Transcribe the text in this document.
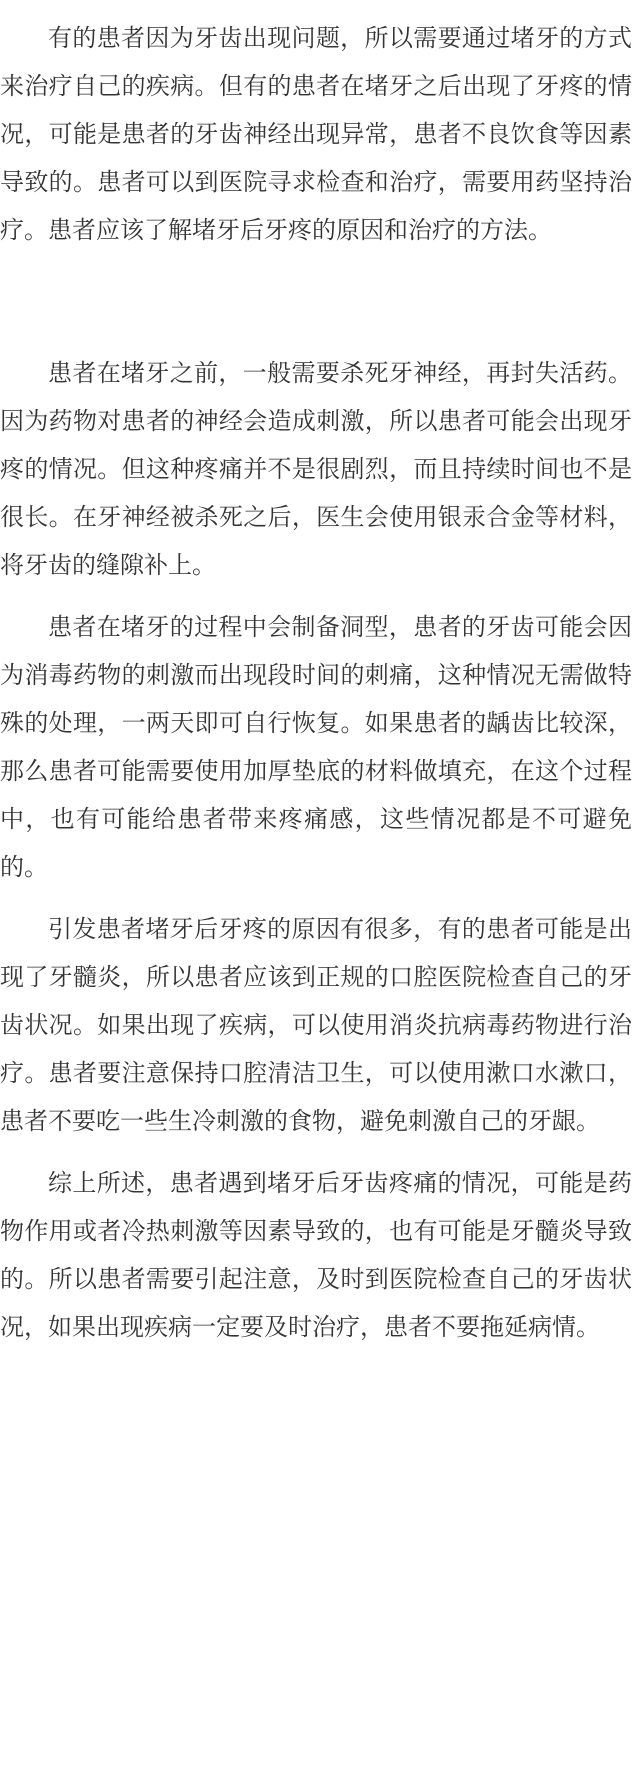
有的患者因为牙齿出现问题，所以需要通过堵牙的方式来治疗自己的疾病。但有的患者在堵牙之后出现了牙疼的情况，可能是患者的牙齿神经出现异常，患者不良饮食等因素导致的。患者可以到医院寻求检查和治疗，需要用药坚持治疗。患者应该了解堵牙后牙疼的原因和治疗的方法。

患者在堵牙之前，一般需要杀死牙神经，再封失活药。因为药物对患者的神经会造成刺激，所以患者可能会出现牙疼的情况。但这种疼痛并不是很剧烈，而且持续时间也不是很长。在牙神经被杀死之后，医生会使用银汞合金等材料，将牙齿的缝隙补上。

患者在堵牙的过程中会制备洞型，患者的牙齿可能会因为消毒药物的刺激而出现段时间的刺痛，这种情况无需做特殊的处理，一两天即可自行恢复。如果患者的龋齿比较深，那么患者可能需要使用加厚垫底的材料做填充，在这个过程中，也有可能给患者带来疼痛感，这些情况都是不可避免的。

引发患者堵牙后牙疼的原因有很多，有的患者可能是出现了牙髓炎，所以患者应该到正规的口腔医院检查自己的牙齿状况。如果出现了疾病，可以使用消炎抗病毒药物进行治疗。患者要注意保持口腔清洁卫生，可以使用漱口水漱口，患者不要吃一些生冷刺激的食物，避免刺激自己的牙龈。

综上所述，患者遇到堵牙后牙齿疼痛的情况，可能是药物作用或者冷热刺激等因素导致的，也有可能是牙髓炎导致的。所以患者需要引起注意，及时到医院检查自己的牙齿状况，如果出现疾病一定要及时治疗，患者不要拖延病情。
